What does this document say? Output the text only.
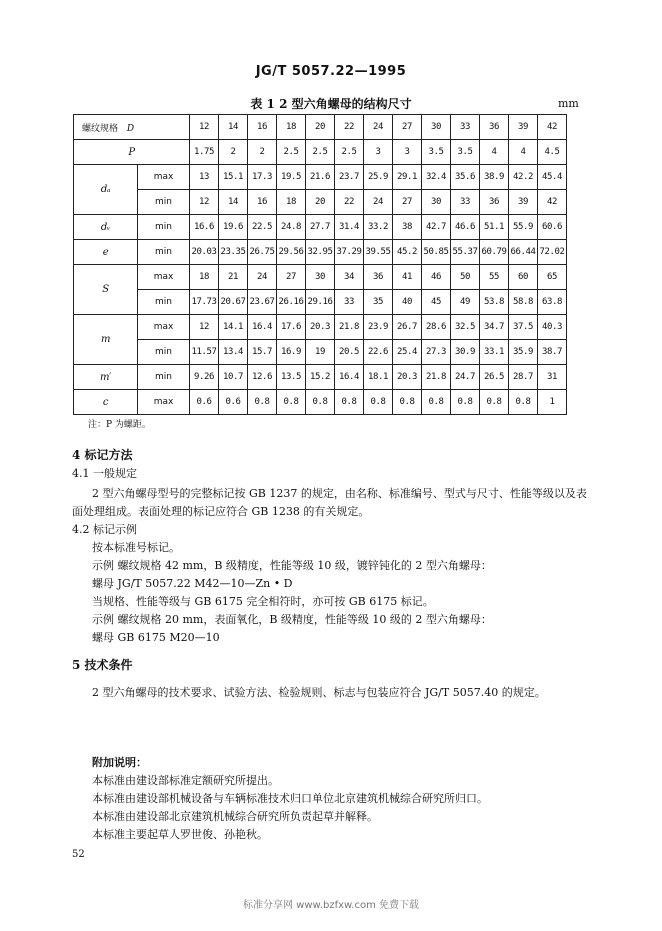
JG/T 5057.22—1995
表 1 2 型六角螺母的结构尺寸	mm
螺纹规格 D		12	14	16	18	20	22	24	27	30	33	36	39	42
P		1.75	2	2	2.5	2.5	2.5	3	3	3.5	3.5	4	4	4.5
dₐ	max	13	15.1	17.3	19.5	21.6	23.7	25.9	29.1	32.4	35.6	38.9	42.2	45.4
	min	12	14	16	18	20	22	24	27	30	33	36	39	42
dᵥ	min	16.6	19.6	22.5	24.8	27.7	31.4	33.2	38	42.7	46.6	51.1	55.9	60.6
e	min	20.03	23.35	26.75	29.56	32.95	37.29	39.55	45.2	50.85	55.37	60.79	66.44	72.02
S	max	18	21	24	27	30	34	36	41	46	50	55	60	65
	min	17.73	20.67	23.67	26.16	29.16	33	35	40	45	49	53.8	58.8	63.8
m	max	12	14.1	16.4	17.6	20.3	21.8	23.9	26.7	28.6	32.5	34.7	37.5	40.3
	min	11.57	13.4	15.7	16.9	19	20.5	22.6	25.4	27.3	30.9	33.1	35.9	38.7
m′	min	9.26	10.7	12.6	13.5	15.2	16.4	18.1	20.3	21.8	24.7	26.5	28.7	31
c	max	0.6	0.6	0.8	0.8	0.8	0.8	0.8	0.8	0.8	0.8	0.8	0.8	1
注：P 为螺距。
4 标记方法
4.1 一般规定
2 型六角螺母型号的完整标记按 GB 1237 的规定，由名称、标准编号、型式与尺寸、性能等级以及表
面处理组成。表面处理的标记应符合 GB 1238 的有关规定。
4.2 标记示例
按本标准号标记。
示例 螺纹规格 42 mm，B 级精度，性能等级 10 级，镀锌钝化的 2 型六角螺母：
螺母 JG/T 5057.22 M42—10—Zn • D
当规格、性能等级与 GB 6175 完全相符时，亦可按 GB 6175 标记。
示例 螺纹规格 20 mm，表面氧化，B 级精度，性能等级 10 级的 2 型六角螺母：
螺母 GB 6175 M20—10
5 技术条件
2 型六角螺母的技术要求、试验方法、检验规则、标志与包装应符合 JG/T 5057.40 的规定。
附加说明：
本标准由建设部标准定额研究所提出。
本标准由建设部机械设备与车辆标准技术归口单位北京建筑机械综合研究所归口。
本标准由建设部北京建筑机械综合研究所负责起草并解释。
本标准主要起草人罗世俊、孙艳秋。
52
标准分享网 www.bzfxw.com 免费下载
